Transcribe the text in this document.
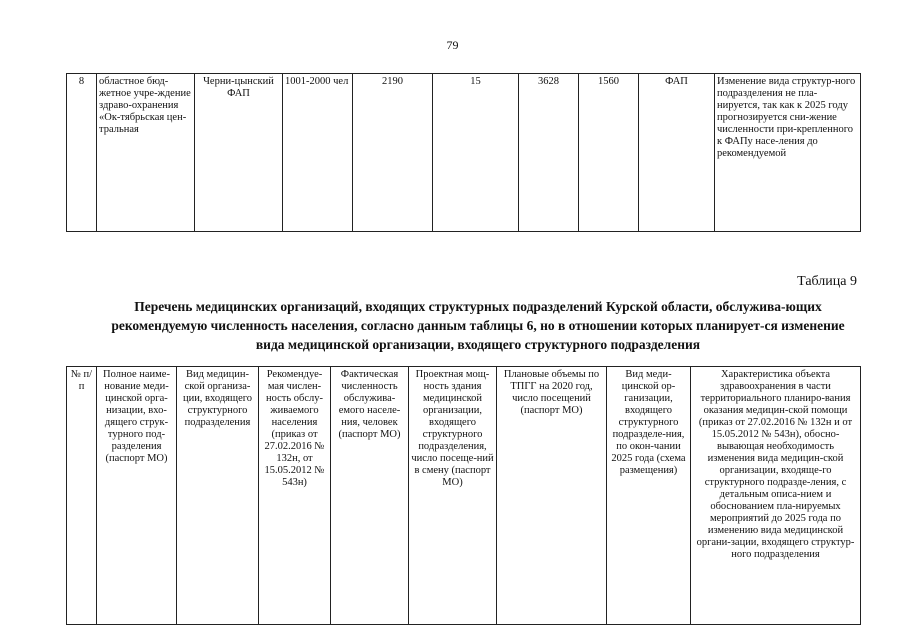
79
8	областное бюд-жетное учре-ждение здраво-охранения «Ок-тябрьская цен-тральная	Черни-цынский ФАП	1001-2000 чел	2190	15	3628	1560	ФАП	Изменение вида структур-ного подразделения не пла-нируется, так как к 2025 году прогнозируется сни-жение численности при-крепленного к ФАПу насе-ления до рекомендуемой
Таблица 9
Перечень медицинских организаций, входящих структурных подразделений Курской области, обслужива-ющих рекомендуемую численность населения, согласно данным таблицы 6, но в отношении которых планирует-ся изменение вида медицинской организации, входящего структурного подразделения
№ п/п	Полное наиме-нование меди-цинской орга-низации, вхо-дящего струк-турного под-разделения (паспорт МО)	Вид медицин-ской организа-ции, входящего структурного подразделения	Рекомендуе-мая числен-ность обслу-живаемого населения (приказ от 27.02.2016 № 132н, от 15.05.2012 № 543н)	Фактическая численность обслужива-емого населе-ния, человек (паспорт МО)	Проектная мощ-ность здания медицинской организации, входящего структурного подразделения, число посеще-ний в смену (паспорт МО)	Плановые объемы по ТПГГ на 2020 год, число посещений (паспорт МО)	Вид меди-цинской ор-ганизации, входящего структурного подразделе-ния, по окон-чании 2025 года (схема размещения)	Характеристика объекта здравоохранения в части территориального планиро-вания оказания медицин-ской помощи (приказ от 27.02.2016 № 132н и от 15.05.2012 № 543н), обосно-вывающая необходимость изменения вида медицин-ской организации, входяще-го структурного подразде-ления, с детальным описа-нием и обоснованием пла-нируемых мероприятий до 2025 года по изменению вида медицинской органи-зации, входящего структур-ного подразделения
